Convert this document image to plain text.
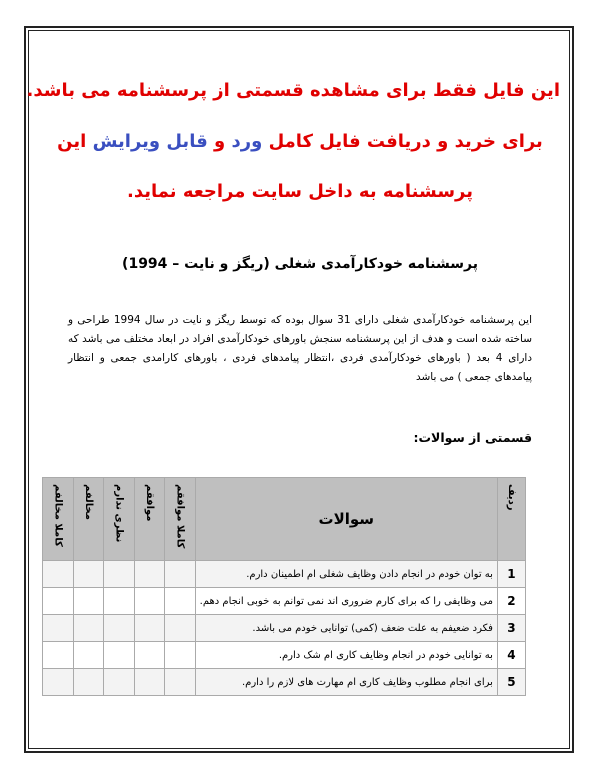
این فایل فقط برای مشاهده قسمتی از پرسشنامه می باشد.
برای خرید و دریافت فایل کامل ورد و قابل ویرایش این
پرسشنامه به داخل سایت مراجعه نماید.
پرسشنامه خودکارآمدی شغلی (ریگز و نایت – 1994)
این پرسشنامه خودکارآمدی شغلی دارای 31 سوال بوده که توسط ریگز و نایت در سال 1994 طراحی و ساخته شده است و هدف از این پرسشنامه سنجش باورهای خودکارآمدی افراد در ابعاد مختلف می باشد که دارای 4 بعد ( باورهای خودکارآمدی فردی ،انتظار پیامدهای فردی ، باورهای کارامدی جمعی و انتظار پیامدهای جمعی ) می باشد
قسمتی از سوالات:
ردیف	سوالات	کاملا موافقم	موافقم	نظری ندارم	مخالفم	کاملا مخالفم

1	به توان خودم در انجام دادن وظایف شغلی ام اطمینان دارم.					
2	می وظایفی را که برای کارم ضروری اند نمی توانم به خوبی انجام دهم.					
3	فکرد ضعیفم به علت ضعف (کمی) توانایی خودم می باشد.					
4	به توانایی خودم در انجام وظایف کاری ام شک دارم.					
5	برای انجام مطلوب وظایف کاری ام مهارت های لازم را دارم.					
